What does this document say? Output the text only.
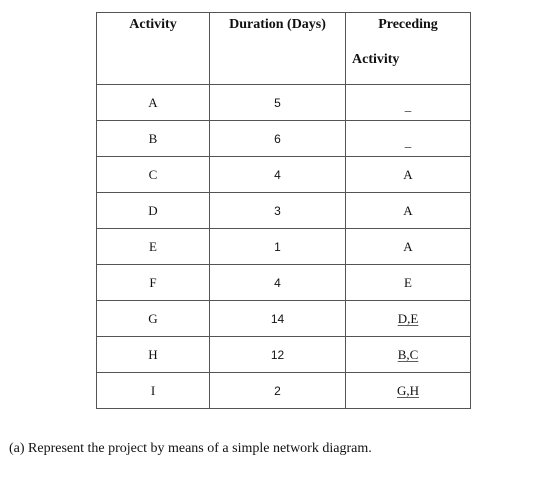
Activity	Duration (Days)	Preceding
Activity

A	5	_
B	6	_
C	4	A
D	3	A
E	1	A
F	4	E
G	14	D,E
H	12	B,C
I	2	G,H
(a) Represent the project by means of a simple network diagram.
